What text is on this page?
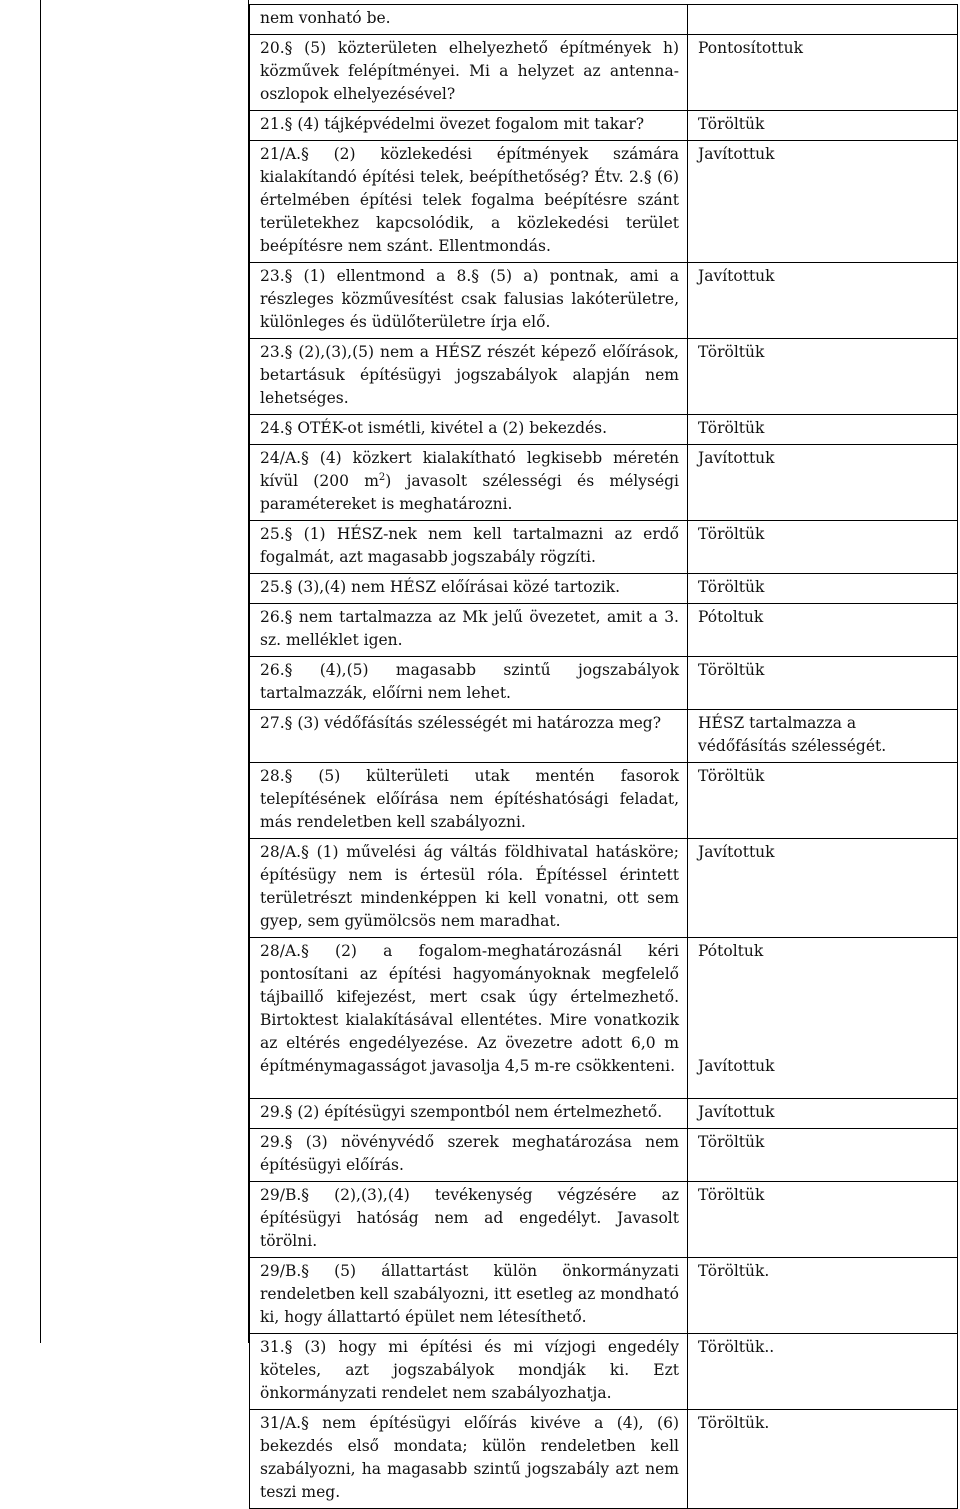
nem vonható be.	
20.§ (5) közterületen elhelyezhető építmények h) közművek felépítményei. Mi a helyzet az antenna-oszlopok elhelyezésével?	Pontosítottuk
21.§ (4) tájképvédelmi övezet fogalom mit takar?	Töröltük
21/A.§ (2) közlekedési építmények számára kialakítandó építési telek, beépíthetőség? Étv. 2.§ (6) értelmében építési telek fogalma beépítésre szánt területekhez kapcsolódik, a közlekedési terület beépítésre nem szánt. Ellentmondás.	Javítottuk
23.§ (1) ellentmond a 8.§ (5) a) pontnak, ami a részleges közművesítést csak falusias lakóterületre, különleges és üdülőterületre írja elő.	Javítottuk
23.§ (2),(3),(5) nem a HÉSZ részét képező előírások, betartásuk építésügyi jogszabályok alapján nem lehetséges.	Töröltük
24.§ OTÉK-ot ismétli, kivétel a (2) bekezdés.	Töröltük
24/A.§ (4) közkert kialakítható legkisebb méretén kívül (200 $m^2$) javasolt szélességi és mélységi paramétereket is meghatározni.	Javítottuk
25.§ (1) HÉSZ-nek nem kell tartalmazni az erdő fogalmát, azt magasabb jogszabály rögzíti.	Töröltük
25.§ (3),(4) nem HÉSZ előírásai közé tartozik.	Töröltük
26.§ nem tartalmazza az Mk jelű övezetet, amit a 3. sz. melléklet igen.	Pótoltuk
26.§ (4),(5) magasabb szintű jogszabályok tartalmazzák, előírni nem lehet.	Töröltük
27.§ (3) védőfásítás szélességét mi határozza meg?	HÉSZ tartalmazza a védőfásítás szélességét.
28.§ (5) külterületi utak mentén fasorok telepítésének előírása nem építéshatósági feladat, más rendeletben kell szabályozni.	Töröltük
28/A.§ (1) művelési ág váltás földhivatal hatásköre; építésügy nem is értesül róla. Építéssel érintett területrészt mindenképpen ki kell vonatni, ott sem gyep, sem gyümölcsös nem maradhat.	Javítottuk
28/A.§ (2) a fogalom-meghatározásnál kéri pontosítani az építési hagyományoknak megfelelő tájbaillő kifejezést, mert csak úgy értelmezhető. Birtoktest kialakításával ellentétes. Mire vonatkozik az eltérés engedélyezése. Az övezetre adott 6,0 m építménymagasságot javasolja 4,5 m-re csökkenteni.	Pótoltuk
Javítottuk

29.§ (2) építésügyi szempontból nem értelmezhető.	Javítottuk
29.§ (3) növényvédő szerek meghatározása nem építésügyi előírás.	Töröltük
29/B.§ (2),(3),(4) tevékenység végzésére az építésügyi hatóság nem ad engedélyt. Javasolt törölni.	Töröltük
29/B.§ (5) állattartást külön önkormányzati rendeletben kell szabályozni, itt esetleg az mondható ki, hogy állattartó épület nem létesíthető.	Töröltük.
31.§ (3) hogy mi építési és mi vízjogi engedély köteles, azt jogszabályok mondják ki. Ezt önkormányzati rendelet nem szabályozhatja.	Töröltük..
31/A.§ nem építésügyi előírás kivéve a (4), (6) bekezdés első mondata; külön rendeletben kell szabályozni, ha magasabb szintű jogszabály azt nem teszi meg.	Töröltük.
